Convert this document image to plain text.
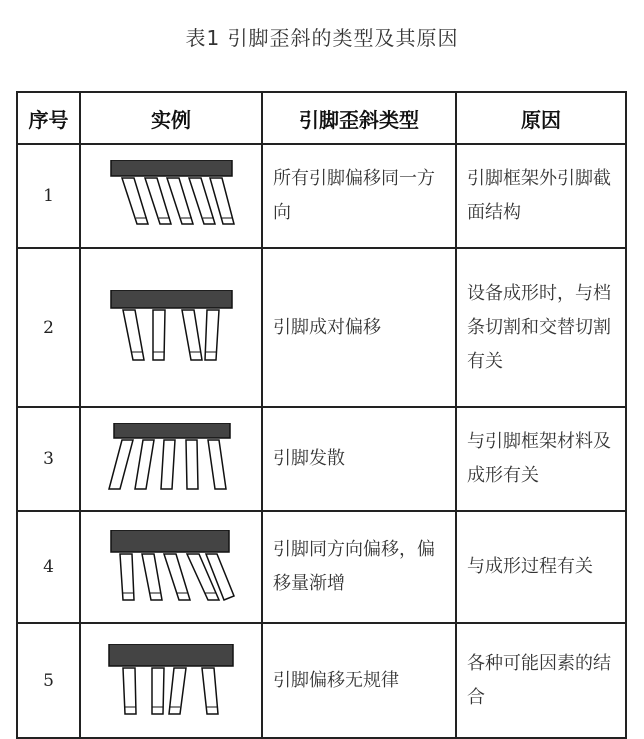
表1 引脚歪斜的类型及其原因
序号	实例	引脚歪斜类型	原因
1		所有引脚偏移同一方向	引脚框架外引脚截面结构
2		引脚成对偏移	设备成形时，与档条切割和交替切割有关
3		引脚发散	与引脚框架材料及成形有关
4		引脚同方向偏移，偏移量渐增	与成形过程有关
5		引脚偏移无规律	各种可能因素的结合
